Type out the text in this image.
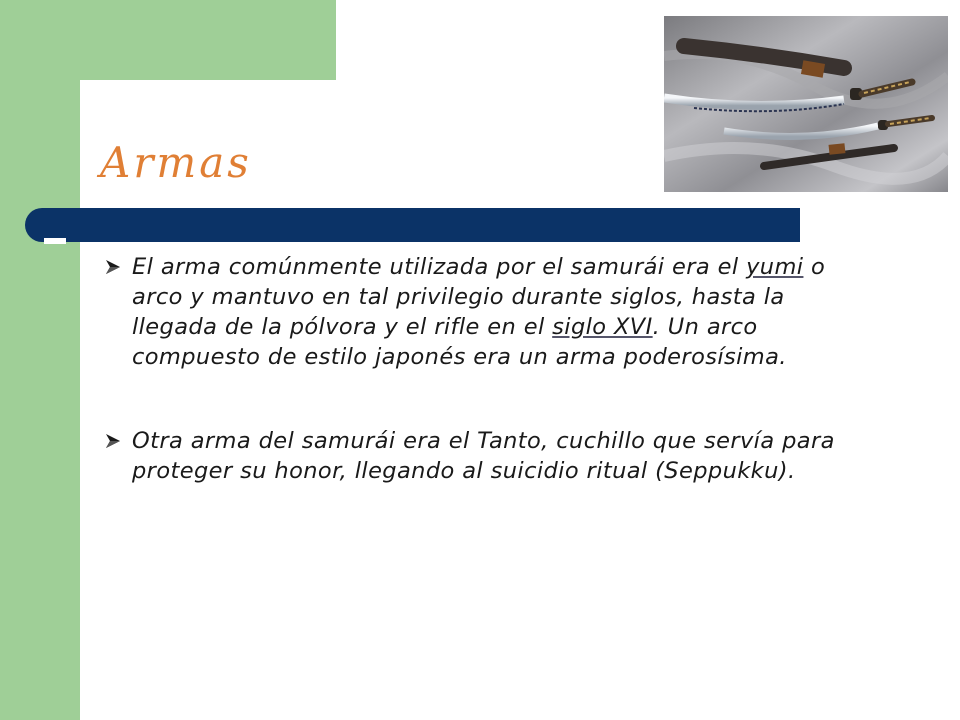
Armas
El arma comúnmente utilizada por el samurái era el yumi o arco y mantuvo en tal privilegio durante siglos, hasta la llegada de la pólvora y el rifle en el siglo XVI. Un arco compuesto de estilo japonés era un arma poderosísima.
Otra arma del samurái era el Tanto, cuchillo que servía para proteger su honor, llegando al suicidio ritual (Seppukku).
